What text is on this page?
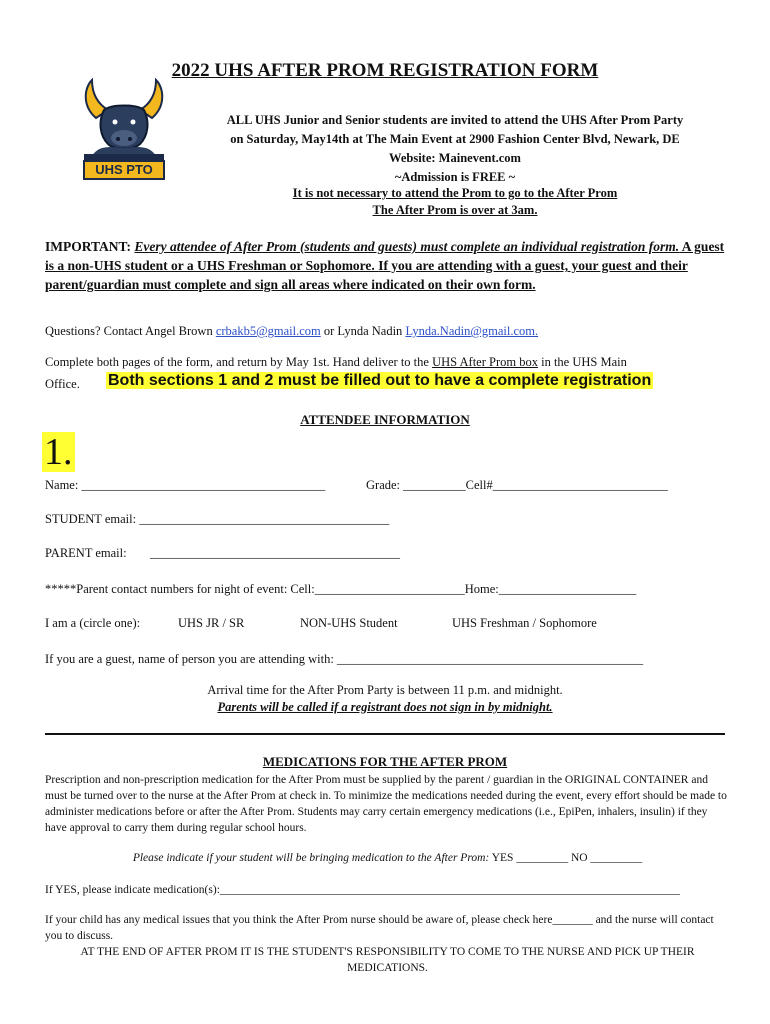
UHS PTO
2022 UHS AFTER PROM REGISTRATION FORM
ALL UHS Junior and Senior students are invited to attend the UHS After Prom Party
on Saturday, May14th at The Main Event at 2900 Fashion Center Blvd, Newark, DE
Website: Mainevent.com
~Admission is FREE ~
It is not necessary to attend the Prom to go to the After Prom
The After Prom is over at 3am.
IMPORTANT: Every attendee of After Prom (students and guests) must complete an individual registration form. A guest is a non-UHS student or a UHS Freshman or Sophomore. If you are attending with a guest, your guest and their parent/guardian must complete and sign all areas where indicated on their own form.
Questions? Contact Angel Brown crbakb5@gmail.com or Lynda Nadin Lynda.Nadin@gmail.com.
Complete both pages of the form, and return by May 1st. Hand deliver to the UHS After Prom box in the UHS Main
Office. Both sections 1 and 2 must be filled out to have a complete registration
ATTENDEE INFORMATION
1.
Name: _______________________________________	Grade: __________Cell#____________________________
STUDENT email: ________________________________________
PARENT email: ________________________________________
*****Parent contact numbers for night of event: Cell:________________________Home:______________________
I am a (circle one):	UHS JR / SR	NON-UHS Student	UHS Freshman / Sophomore
If you are a guest, name of person you are attending with: _________________________________________________
Arrival time for the After Prom Party is between 11 p.m. and midnight.
Parents will be called if a registrant does not sign in by midnight.
MEDICATIONS FOR THE AFTER PROM
Prescription and non-prescription medication for the After Prom must be supplied by the parent / guardian in the ORIGINAL CONTAINER and must be turned over to the nurse at the After Prom at check in. To minimize the medications needed during the event, every effort should be made to administer medications before or after the After Prom. Students may carry certain emergency medications (i.e., EpiPen, inhalers, insulin) if they have approval to carry them during regular school hours.
Please indicate if your student will be bringing medication to the After Prom: YES _________ NO _________
If YES, please indicate medication(s):________________________________________________________________________________
If your child has any medical issues that you think the After Prom nurse should be aware of, please check here_______ and the nurse will contact you to discuss.
AT THE END OF AFTER PROM IT IS THE STUDENT'S RESPONSIBILITY TO COME TO THE NURSE AND PICK UP THEIR
MEDICATIONS.
